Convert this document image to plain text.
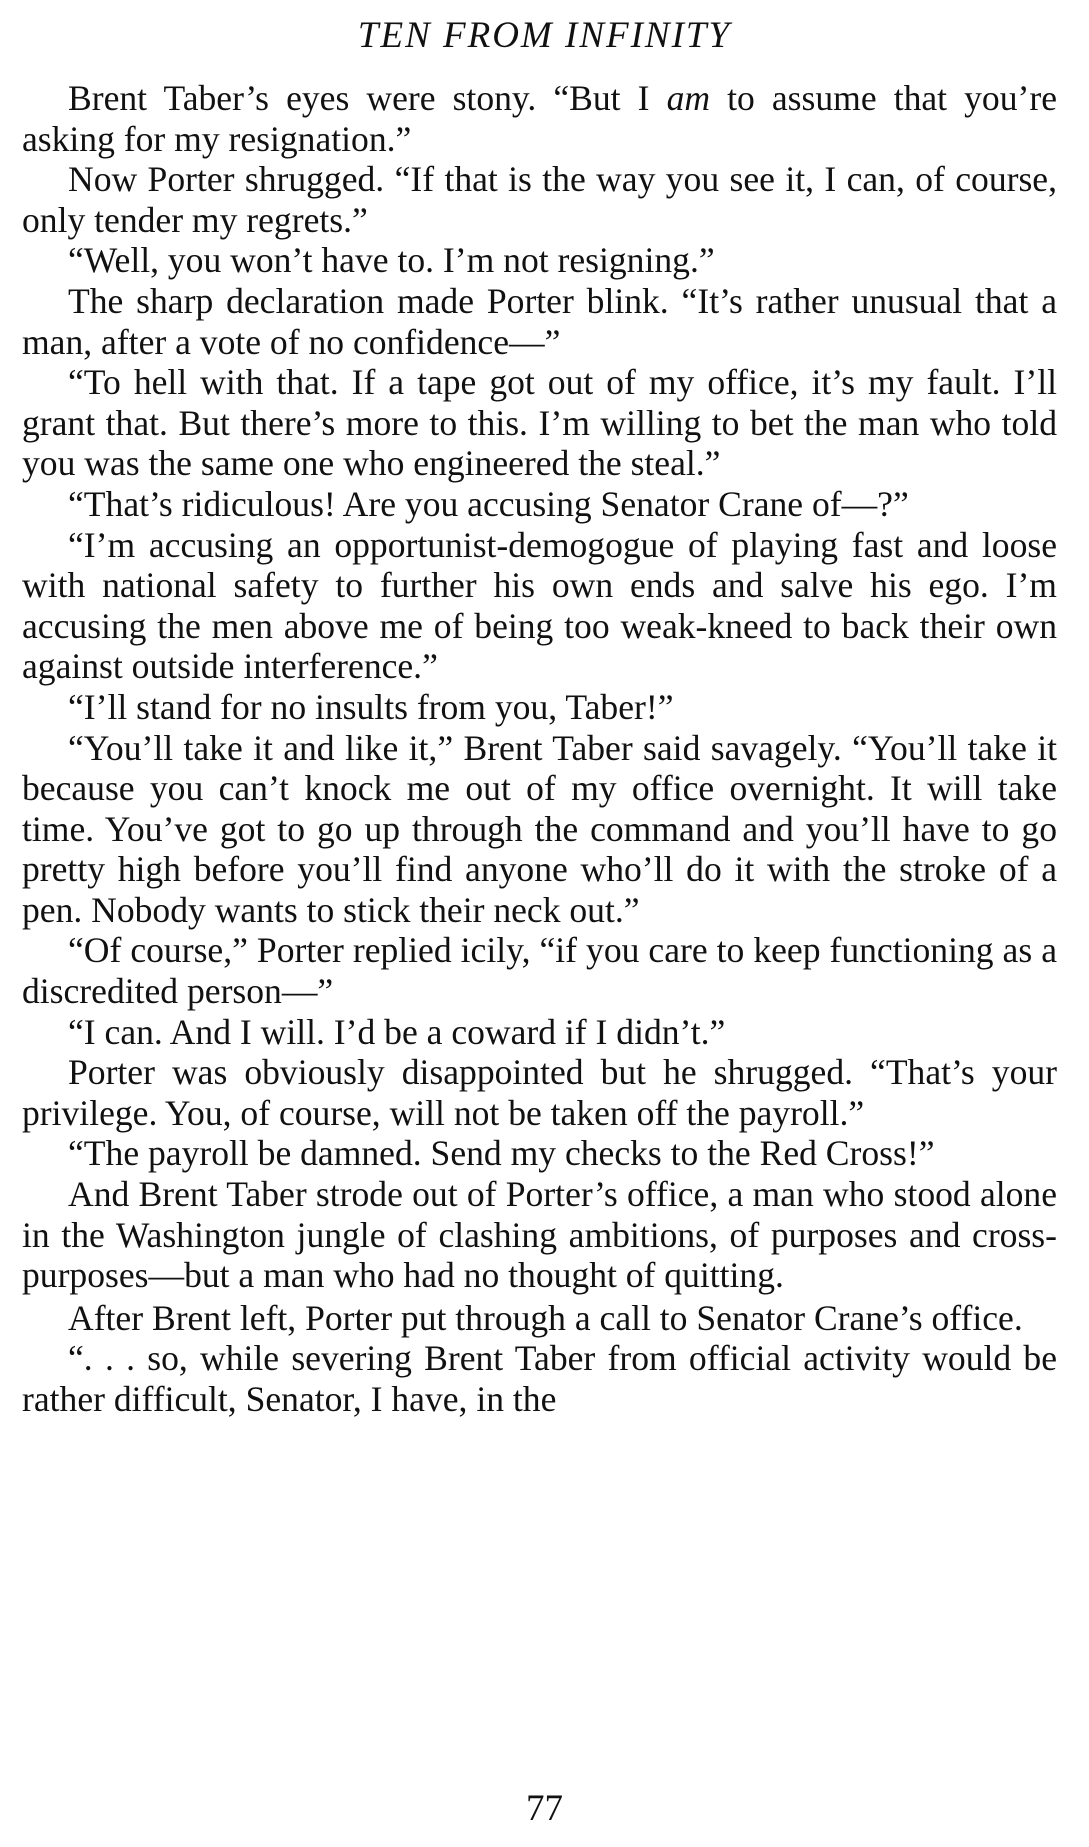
TEN FROM INFINITY

Brent Taber’s eyes were stony. “But I am to assume that you’re asking for my resignation.”

Now Porter shrugged. “If that is the way you see it, I can, of course, only tender my regrets.”

“Well, you won’t have to. I’m not resigning.”

The sharp declaration made Porter blink. “It’s rather unusual that a man, after a vote of no confidence—”

“To hell with that. If a tape got out of my office, it’s my fault. I’ll grant that. But there’s more to this. I’m willing to bet the man who told you was the same one who engineered the steal.”

“That’s ridiculous! Are you accusing Senator Crane of—?”

“I’m accusing an opportunist-demogogue of playing fast and loose with national safety to further his own ends and salve his ego. I’m accusing the men above me of being too weak-kneed to back their own against outside interference.”

“I’ll stand for no insults from you, Taber!”

“You’ll take it and like it,” Brent Taber said savagely. “You’ll take it because you can’t knock me out of my office overnight. It will take time. You’ve got to go up through the command and you’ll have to go pretty high before you’ll find anyone who’ll do it with the stroke of a pen. Nobody wants to stick their neck out.”

“Of course,” Porter replied icily, “if you care to keep functioning as a discredited person—”

“I can. And I will. I’d be a coward if I didn’t.”

Porter was obviously disappointed but he shrugged. “That’s your privilege. You, of course, will not be taken off the payroll.”

“The payroll be damned. Send my checks to the Red Cross!”

And Brent Taber strode out of Porter’s office, a man who stood alone in the Washington jungle of clashing ambitions, of purposes and cross-purposes—but a man who had no thought of quitting.

After Brent left, Porter put through a call to Senator Crane’s office.

“. . . so, while severing Brent Taber from official activity would be rather difficult, Senator, I have, in the

77
